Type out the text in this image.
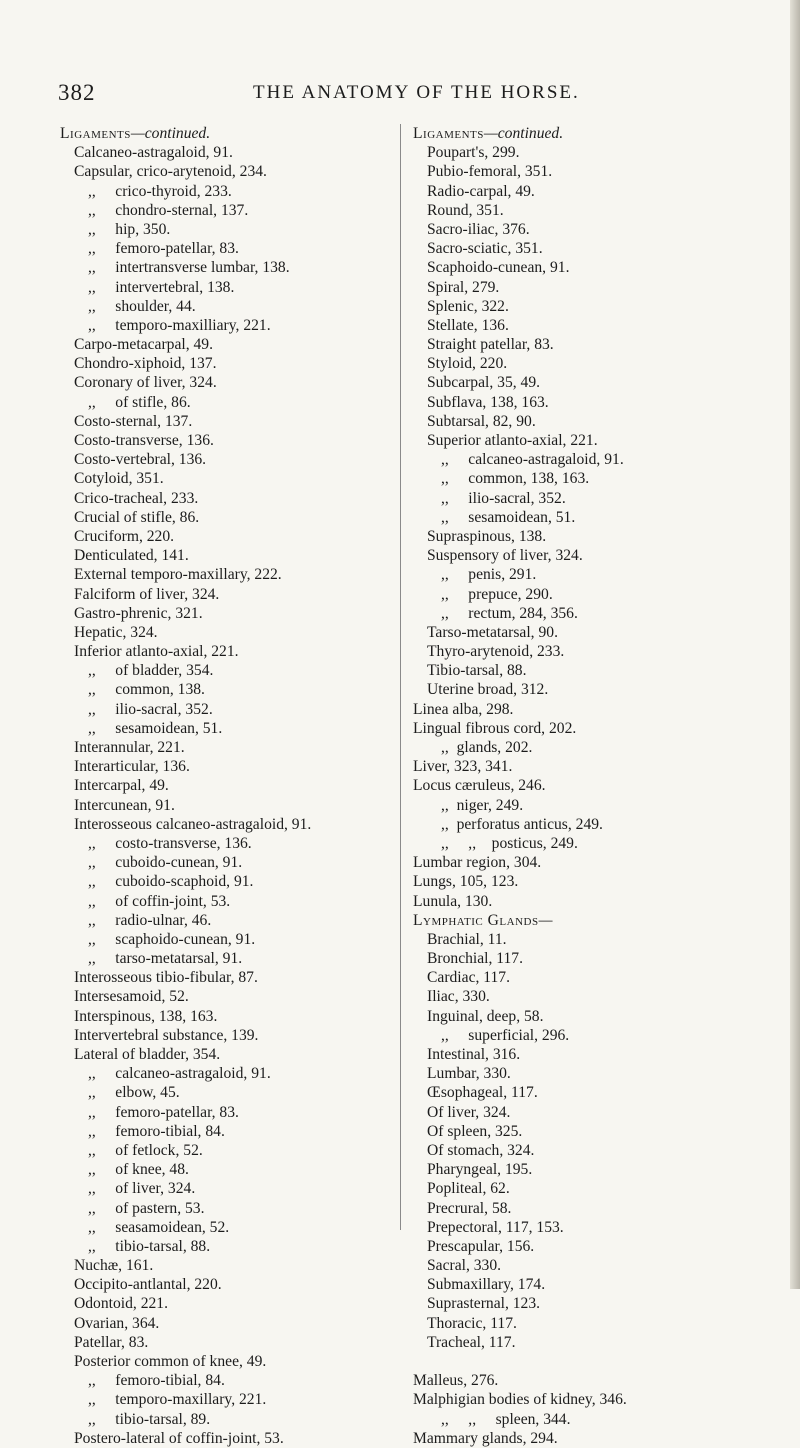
382	THE ANATOMY OF THE HORSE.
Ligaments—continued.
Calcaneo-astragaloid, 91.
Capsular, crico-arytenoid, 234.
,,     crico-thyroid, 233.
,,     chondro-sternal, 137.
,,     hip, 350.
,,     femoro-patellar, 83.
,,     intertransverse lumbar, 138.
,,     intervertebral, 138.
,,     shoulder, 44.
,,     temporo-maxilliary, 221.
Carpo-metacarpal, 49.
Chondro-xiphoid, 137.
Coronary of liver, 324.
,,     of stifle, 86.
Costo-sternal, 137.
Costo-transverse, 136.
Costo-vertebral, 136.
Cotyloid, 351.
Crico-tracheal, 233.
Crucial of stifle, 86.
Cruciform, 220.
Denticulated, 141.
External temporo-maxillary, 222.
Falciform of liver, 324.
Gastro-phrenic, 321.
Hepatic, 324.
Inferior atlanto-axial, 221.
,,     of bladder, 354.
,,     common, 138.
,,     ilio-sacral, 352.
,,     sesamoidean, 51.
Interannular, 221.
Interarticular, 136.
Intercarpal, 49.
Intercunean, 91.
Interosseous calcaneo-astragaloid, 91.
,,     costo-transverse, 136.
,,     cuboido-cunean, 91.
,,     cuboido-scaphoid, 91.
,,     of coffin-joint, 53.
,,     radio-ulnar, 46.
,,     scaphoido-cunean, 91.
,,     tarso-metatarsal, 91.
Interosseous tibio-fibular, 87.
Intersesamoid, 52.
Interspinous, 138, 163.
Intervertebral substance, 139.
Lateral of bladder, 354.
,,     calcaneo-astragaloid, 91.
,,     elbow, 45.
,,     femoro-patellar, 83.
,,     femoro-tibial, 84.
,,     of fetlock, 52.
,,     of knee, 48.
,,     of liver, 324.
,,     of pastern, 53.
,,     seasamoidean, 52.
,,     tibio-tarsal, 88.
Nuchæ, 161.
Occipito-antlantal, 220.
Odontoid, 221.
Ovarian, 364.
Patellar, 83.
Posterior common of knee, 49.
,,     femoro-tibial, 84.
,,     temporo-maxillary, 221.
,,     tibio-tarsal, 89.
Postero-lateral of coffin-joint, 53.
Ligaments—continued.
Poupart's, 299.
Pubio-femoral, 351.
Radio-carpal, 49.
Round, 351.
Sacro-iliac, 376.
Sacro-sciatic, 351.
Scaphoido-cunean, 91.
Spiral, 279.
Splenic, 322.
Stellate, 136.
Straight patellar, 83.
Styloid, 220.
Subcarpal, 35, 49.
Subflava, 138, 163.
Subtarsal, 82, 90.
Superior atlanto-axial, 221.
,,     calcaneo-astragaloid, 91.
,,     common, 138, 163.
,,     ilio-sacral, 352.
,,     sesamoidean, 51.
Supraspinous, 138.
Suspensory of liver, 324.
,,     penis, 291.
,,     prepuce, 290.
,,     rectum, 284, 356.
Tarso-metatarsal, 90.
Thyro-arytenoid, 233.
Tibio-tarsal, 88.
Uterine broad, 312.
Linea alba, 298.
Lingual fibrous cord, 202.
,,  glands, 202.
Liver, 323, 341.
Locus cæruleus, 246.
,,  niger, 249.
,,  perforatus anticus, 249.
,,     ,,    posticus, 249.
Lumbar region, 304.
Lungs, 105, 123.
Lunula, 130.
Lymphatic Glands—
Brachial, 11.
Bronchial, 117.
Cardiac, 117.
Iliac, 330.
Inguinal, deep, 58.
,,     superficial, 296.
Intestinal, 316.
Lumbar, 330.
Œsophageal, 117.
Of liver, 324.
Of spleen, 325.
Of stomach, 324.
Pharyngeal, 195.
Popliteal, 62.
Precrural, 58.
Prepectoral, 117, 153.
Prescapular, 156.
Sacral, 330.
Submaxillary, 174.
Suprasternal, 123.
Thoracic, 117.
Tracheal, 117.
Malleus, 276.
Malphigian bodies of kidney, 346.
,,     ,,     spleen, 344.
Mammary glands, 294.
